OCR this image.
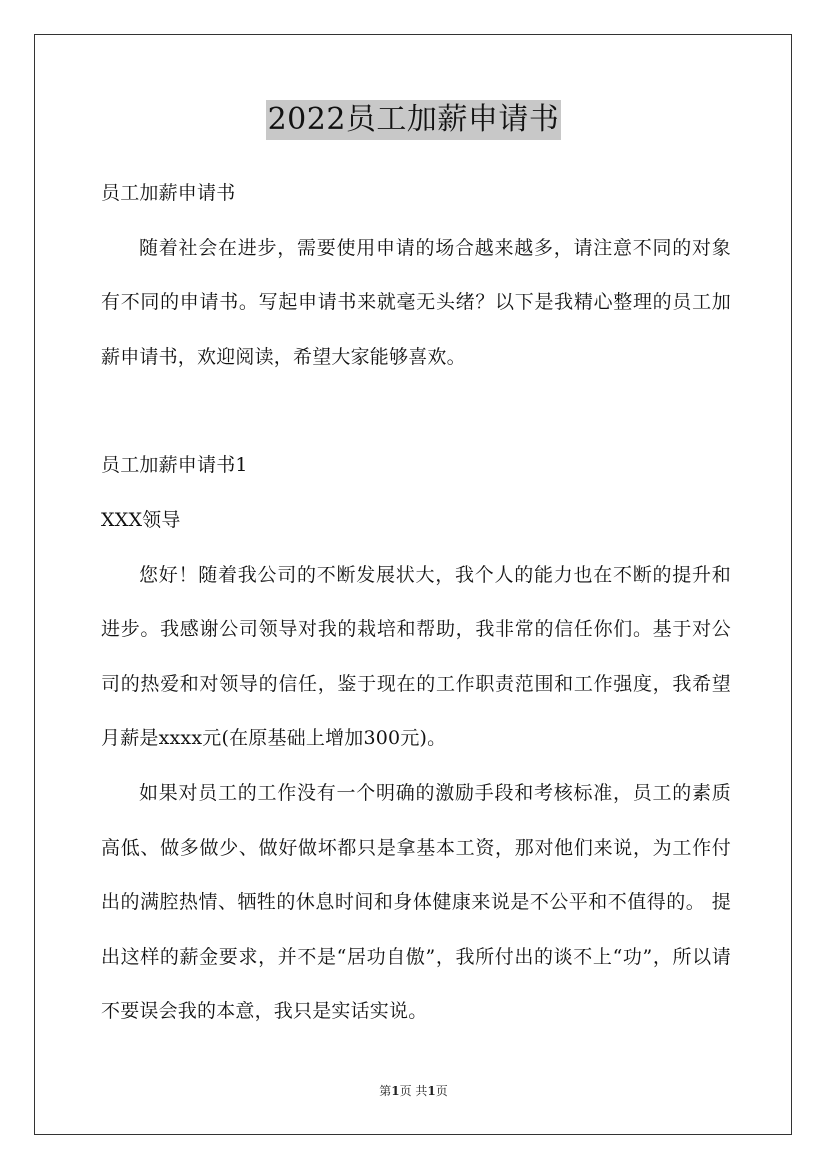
2022员工加薪申请书

员工加薪申请书

随着社会在进步，需要使用申请的场合越来越多，请注意不同的对象有不同的申请书。写起申请书来就毫无头绪？以下是我精心整理的员工加薪申请书，欢迎阅读，希望大家能够喜欢。

员工加薪申请书1

XXX领导

您好！随着我公司的不断发展状大，我个人的能力也在不断的提升和进步。我感谢公司领导对我的栽培和帮助，我非常的信任你们。基于对公司的热爱和对领导的信任，鉴于现在的工作职责范围和工作强度，我希望月薪是xxxx元(在原基础上增加300元)。

如果对员工的工作没有一个明确的激励手段和考核标准，员工的素质高低、做多做少、做好做坏都只是拿基本工资，那对他们来说，为工作付出的满腔热情、牺牲的休息时间和身体健康来说是不公平和不值得的。 提出这样的薪金要求，并不是“居功自傲”，我所付出的谈不上“功”，所以请不要误会我的本意，我只是实话实说。

第1页 共1页
